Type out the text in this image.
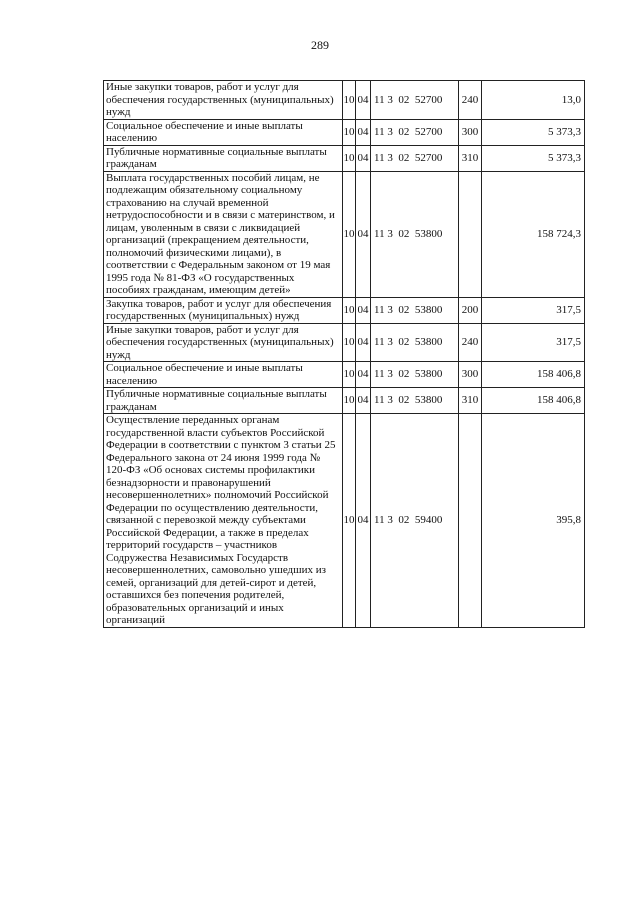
289
Иные закупки товаров, работ и услуг для обеспечения государственных (муниципальных) нужд	10	04	11 3  02  52700	240	13,0
Социальное обеспечение и иные выплаты населению	10	04	11 3  02  52700	300	5 373,3
Публичные нормативные социальные выплаты гражданам	10	04	11 3  02  52700	310	5 373,3
Выплата государственных пособий лицам, не подлежащим обязательному социальному страхованию на случай временной нетрудоспособности и в связи с материнством, и лицам, уволенным в связи с ликвидацией организаций (прекращением деятельности, полномочий физическими лицами), в соответствии с Федеральным законом от 19 мая 1995 года № 81-ФЗ «О государственных пособиях гражданам, имеющим детей»	10	04	11 3  02  53800		158 724,3
Закупка товаров, работ и услуг для обеспечения государственных (муниципальных) нужд	10	04	11 3  02  53800	200	317,5
Иные закупки товаров, работ и услуг для обеспечения государственных (муниципальных) нужд	10	04	11 3  02  53800	240	317,5
Социальное обеспечение и иные выплаты населению	10	04	11 3  02  53800	300	158 406,8
Публичные нормативные социальные выплаты гражданам	10	04	11 3  02  53800	310	158 406,8
Осуществление переданных органам государственной власти субъектов Российской Федерации в соответствии с пунктом 3 статьи 25 Федерального закона от 24 июня 1999 года № 120-ФЗ «Об основах системы профилактики безнадзорности и правонарушений несовершеннолетних» полномочий Российской Федерации по осуществлению деятельности, связанной с перевозкой между субъектами Российской Федерации, а также в пределах территорий государств – участников Содружества Независимых Государств несовершеннолетних, самовольно ушедших из семей, организаций для детей-сирот и детей, оставшихся без попечения родителей, образовательных организаций и иных организаций	10	04	11 3  02  59400		395,8
